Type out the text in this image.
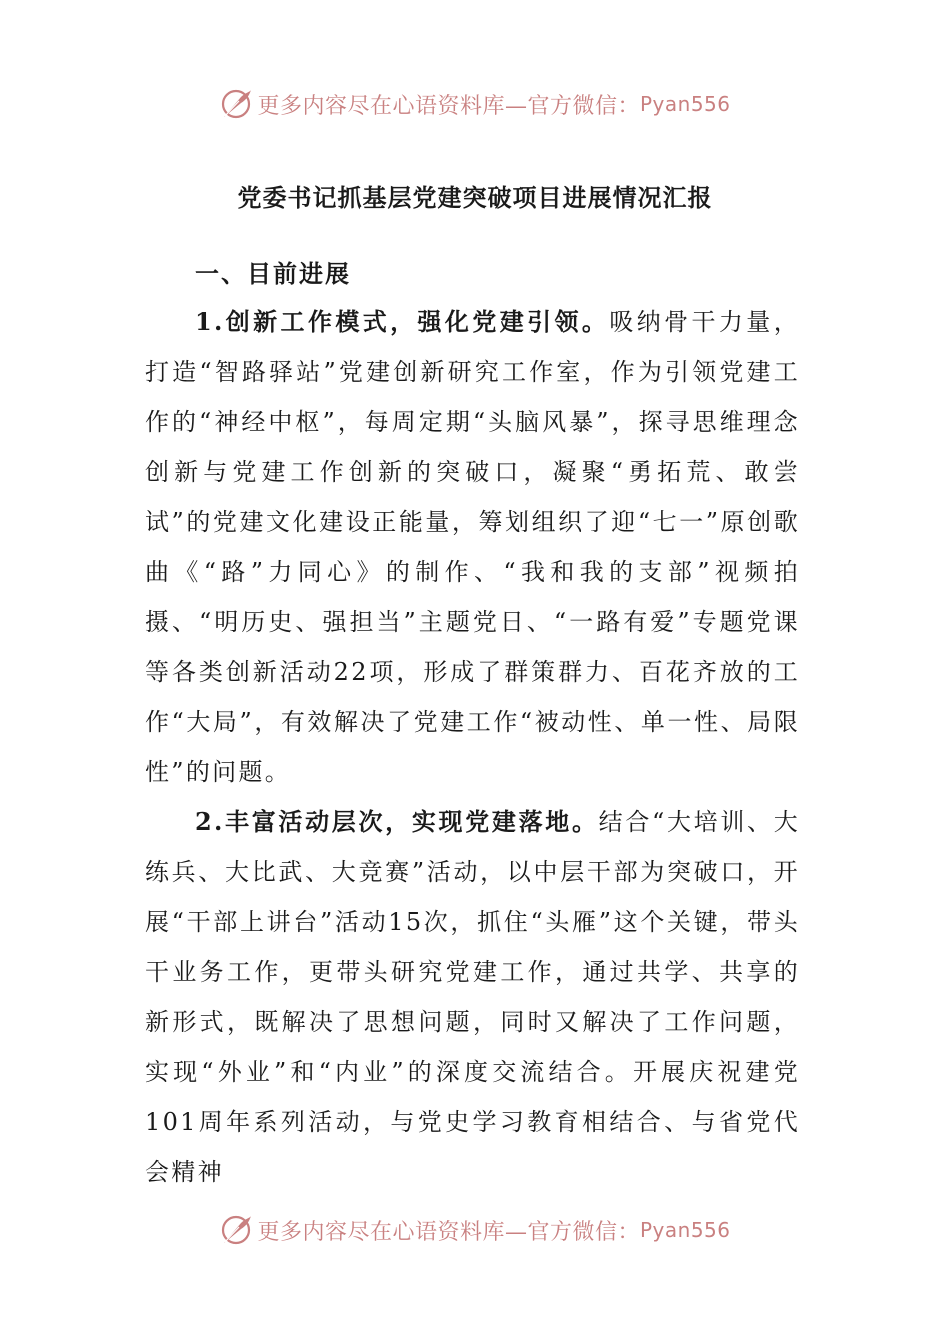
更多内容尽在心语资料库—官方微信： Pyan556
党委书记抓基层党建突破项目进展情况汇报
一、目前进展

1.创新工作模式，强化党建引领。吸纳骨干力量，打造“智路驿站”党建创新研究工作室，作为引领党建工作的“神经中枢”，每周定期“头脑风暴”，探寻思维理念创新与党建工作创新的突破口，凝聚“勇拓荒、敢尝试”的党建文化建设正能量，筹划组织了迎“七一”原创歌曲《“路”力同心》的制作、“我和我的支部”视频拍摄、“明历史、强担当”主题党日、“一路有爱”专题党课等各类创新活动22项，形成了群策群力、百花齐放的工作“大局”，有效解决了党建工作“被动性、单一性、局限性”的问题。

2.丰富活动层次，实现党建落地。结合“大培训、大练兵、大比武、大竞赛”活动，以中层干部为突破口，开展“干部上讲台”活动15次，抓住“头雁”这个关键，带头干业务工作，更带头研究党建工作，通过共学、共享的新形式，既解决了思想问题，同时又解决了工作问题，实现“外业”和“内业”的深度交流结合。开展庆祝建党101周年系列活动，与党史学习教育相结合、与省党代会精神

更多内容尽在心语资料库—官方微信： Pyan556
